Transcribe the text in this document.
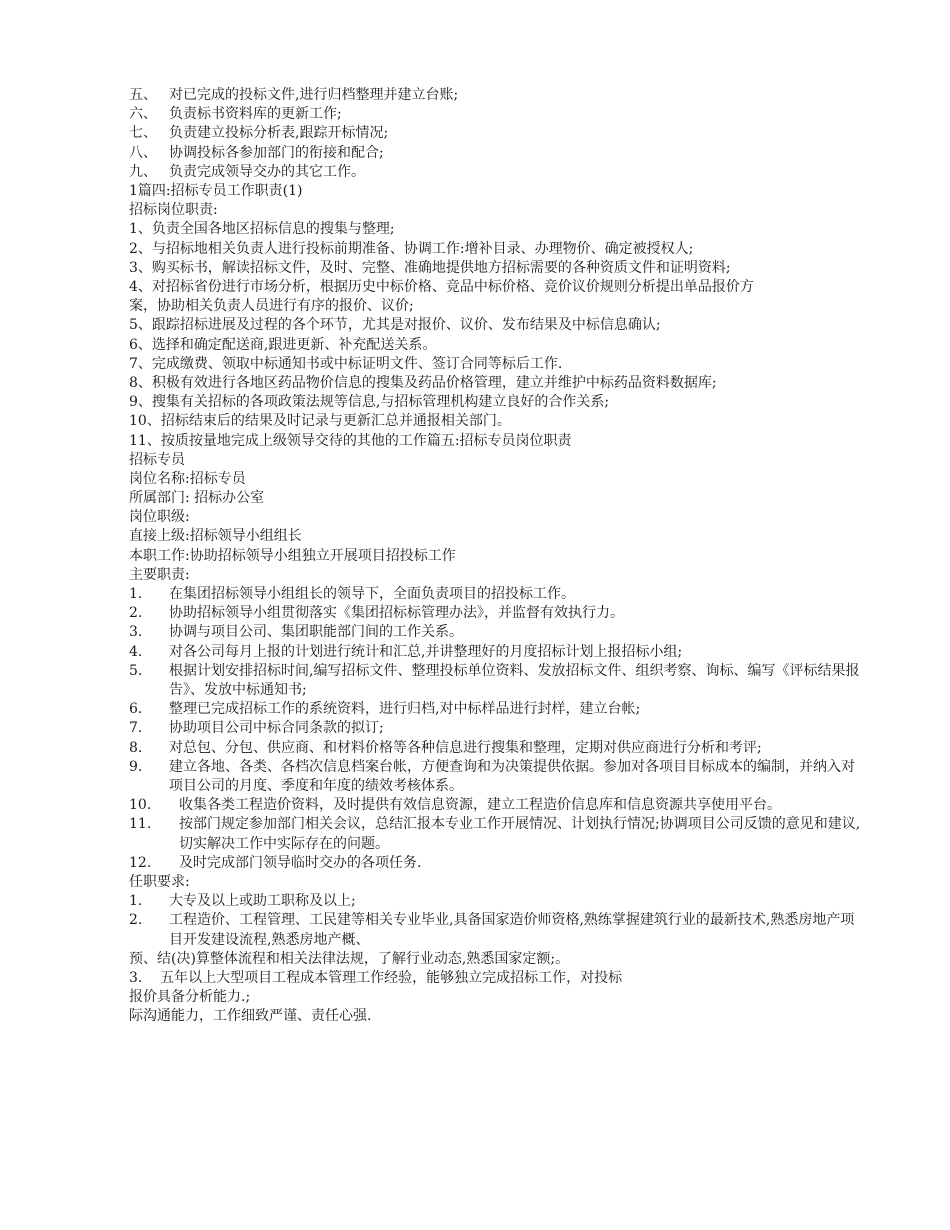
五、 对已完成的投标文件,进行归档整理并建立台账;
六、 负责标书资料库的更新工作;
七、 负责建立投标分析表,跟踪开标情况;
八、 协调投标各参加部门的衔接和配合;
九、 负责完成领导交办的其它工作。
1篇四:招标专员工作职责(1)
招标岗位职责:
1、负责全国各地区招标信息的搜集与整理;
2、与招标地相关负责人进行投标前期准备、协调工作:增补目录、办理物价、确定被授权人;
3、购买标书，解读招标文件，及时、完整、准确地提供地方招标需要的各种资质文件和证明资料;
4、对招标省份进行市场分析，根据历史中标价格、竞品中标价格、竞价议价规则分析提出单品报价方案，协助相关负责人员进行有序的报价、议价;
5、跟踪招标进展及过程的各个环节，尤其是对报价、议价、发布结果及中标信息确认;
6、选择和确定配送商,跟进更新、补充配送关系。
7、完成缴费、领取中标通知书或中标证明文件、签订合同等标后工作.
8、积极有效进行各地区药品物价信息的搜集及药品价格管理，建立并维护中标药品资料数据库;
9、搜集有关招标的各项政策法规等信息,与招标管理机构建立良好的合作关系;
10、招标结束后的结果及时记录与更新汇总并通报相关部门。
11、按质按量地完成上级领导交待的其他的工作篇五:招标专员岗位职责
招标专员
岗位名称:招标专员
所属部门: 招标办公室
岗位职级:
直接上级:招标领导小组组长
本职工作:协助招标领导小组独立开展项目招投标工作
主要职责:
1.	在集团招标领导小组组长的领导下，全面负责项目的招投标工作。
2.	协助招标领导小组贯彻落实《集团招标标管理办法》，并监督有效执行力。
3.	协调与项目公司、集团职能部门间的工作关系。
4.	对各公司每月上报的计划进行统计和汇总,并讲整理好的月度招标计划上报招标小组;
5.	根据计划安排招标时间,编写招标文件、整理投标单位资料、发放招标文件、组织考察、询标、编写《评标结果报告》、发放中标通知书;
6.	整理已完成招标工作的系统资料，进行归档,对中标样品进行封样，建立台帐;
7.	协助项目公司中标合同条款的拟订;
8.	对总包、分包、供应商、和材料价格等各种信息进行搜集和整理，定期对供应商进行分析和考评;
9.	建立各地、各类、各档次信息档案台帐，方便查询和为决策提供依据。参加对各项目目标成本的编制，并纳入对项目公司的月度、季度和年度的绩效考核体系。
10.	收集各类工程造价资料，及时提供有效信息资源，建立工程造价信息库和信息资源共享使用平台。
11.	按部门规定参加部门相关会议，总结汇报本专业工作开展情况、计划执行情况;协调项目公司反馈的意见和建议,切实解决工作中实际存在的问题。
12.	及时完成部门领导临时交办的各项任务.
任职要求:
1.	大专及以上或助工职称及以上;
2.	工程造价、工程管理、工民建等相关专业毕业,具备国家造价师资格,熟练掌握建筑行业的最新技术,熟悉房地产项目开发建设流程,熟悉房地产概、
预、结(决)算整体流程和相关法律法规，了解行业动态,熟悉国家定额;。
3.    五年以上大型项目工程成本管理工作经验，能够独立完成招标工作，对投标
报价具备分析能力.;
际沟通能力，工作细致严谨、责任心强.
